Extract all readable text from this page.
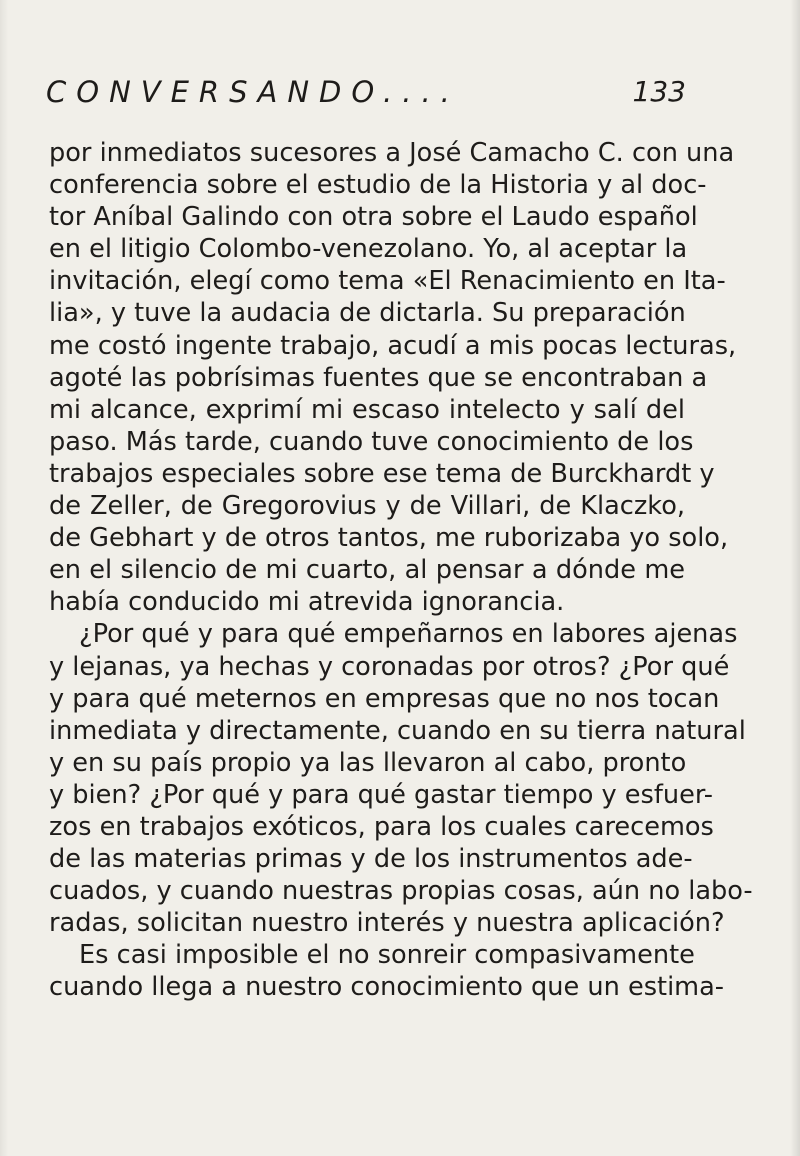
CONVERSANDO....	133
por inmediatos sucesores a José Camacho C. con una
conferencia sobre el estudio de la Historia y al doc-
tor Aníbal Galindo con otra sobre el Laudo español
en el litigio Colombo-venezolano. Yo, al aceptar la
invitación, elegí como tema «El Renacimiento en Ita-
lia», y tuve la audacia de dictarla. Su preparación
me costó ingente trabajo, acudí a mis pocas lecturas,
agoté las pobrísimas fuentes que se encontraban a
mi alcance, exprimí mi escaso intelecto y salí del
paso. Más tarde, cuando tuve conocimiento de los
trabajos especiales sobre ese tema de Burckhardt y
de Zeller, de Gregorovius y de Villari, de Klaczko,
de Gebhart y de otros tantos, me ruborizaba yo solo,
en el silencio de mi cuarto, al pensar a dónde me
había conducido mi atrevida ignorancia.
¿Por qué y para qué empeñarnos en labores ajenas
y lejanas, ya hechas y coronadas por otros? ¿Por qué
y para qué meternos en empresas que no nos tocan
inmediata y directamente, cuando en su tierra natural
y en su país propio ya las llevaron al cabo, pronto
y bien? ¿Por qué y para qué gastar tiempo y esfuer-
zos en trabajos exóticos, para los cuales carecemos
de las materias primas y de los instrumentos ade-
cuados, y cuando nuestras propias cosas, aún no labo-
radas, solicitan nuestro interés y nuestra aplicación?
Es casi imposible el no sonreir compasivamente
cuando llega a nuestro conocimiento que un estima-
